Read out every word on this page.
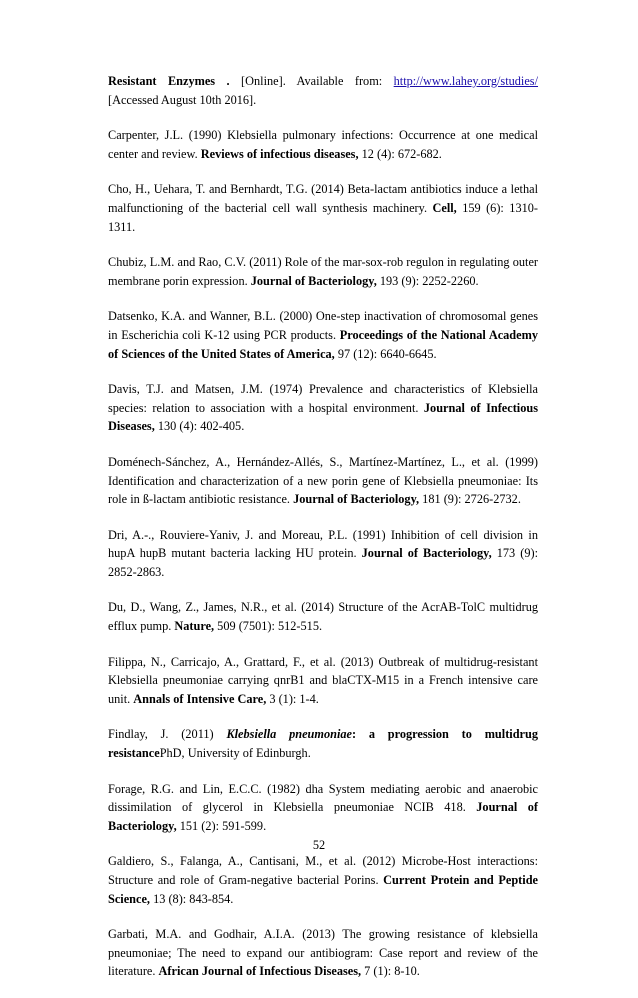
Resistant Enzymes . [Online]. Available from: http://www.lahey.org/studies/ [Accessed August 10th 2016].

Carpenter, J.L. (1990) Klebsiella pulmonary infections: Occurrence at one medical center and review. Reviews of infectious diseases, 12 (4): 672-682.

Cho, H., Uehara, T. and Bernhardt, T.G. (2014) Beta-lactam antibiotics induce a lethal malfunctioning of the bacterial cell wall synthesis machinery. Cell, 159 (6): 1310-1311.

Chubiz, L.M. and Rao, C.V. (2011) Role of the mar-sox-rob regulon in regulating outer membrane porin expression. Journal of Bacteriology, 193 (9): 2252-2260.

Datsenko, K.A. and Wanner, B.L. (2000) One-step inactivation of chromosomal genes in Escherichia coli K-12 using PCR products. Proceedings of the National Academy of Sciences of the United States of America, 97 (12): 6640-6645.

Davis, T.J. and Matsen, J.M. (1974) Prevalence and characteristics of Klebsiella species: relation to association with a hospital environment. Journal of Infectious Diseases, 130 (4): 402-405.

Doménech-Sánchez, A., Hernández-Allés, S., Martínez-Martínez, L., et al. (1999) Identification and characterization of a new porin gene of Klebsiella pneumoniae: Its role in ß-lactam antibiotic resistance. Journal of Bacteriology, 181 (9): 2726-2732.

Dri, A.-., Rouviere-Yaniv, J. and Moreau, P.L. (1991) Inhibition of cell division in hupA hupB mutant bacteria lacking HU protein. Journal of Bacteriology, 173 (9): 2852-2863.

Du, D., Wang, Z., James, N.R., et al. (2014) Structure of the AcrAB-TolC multidrug efflux pump. Nature, 509 (7501): 512-515.

Filippa, N., Carricajo, A., Grattard, F., et al. (2013) Outbreak of multidrug-resistant Klebsiella pneumoniae carrying qnrB1 and blaCTX-M15 in a French intensive care unit. Annals of Intensive Care, 3 (1): 1-4.

Findlay, J. (2011) Klebsiella pneumoniae: a progression to multidrug resistancePhD, University of Edinburgh.

Forage, R.G. and Lin, E.C.C. (1982) dha System mediating aerobic and anaerobic dissimilation of glycerol in Klebsiella pneumoniae NCIB 418. Journal of Bacteriology, 151 (2): 591-599.

Galdiero, S., Falanga, A., Cantisani, M., et al. (2012) Microbe-Host interactions: Structure and role of Gram-negative bacterial Porins. Current Protein and Peptide Science, 13 (8): 843-854.

Garbati, M.A. and Godhair, A.I.A. (2013) The growing resistance of klebsiella pneumoniae; The need to expand our antibiogram: Case report and review of the literature. African Journal of Infectious Diseases, 7 (1): 8-10.

52
